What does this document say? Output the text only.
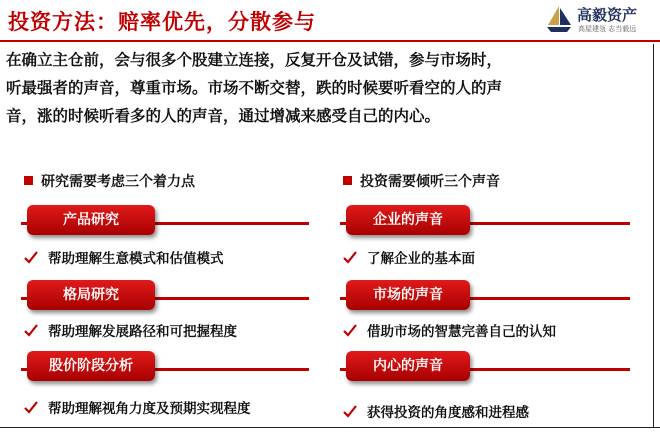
投资方法：赔率优先，分散参与	高毅资产
高屋建瓴 志当毅远
在确立主仓前，会与很多个股建立连接，反复开仓及试错，参与市场时，
听最强者的声音，尊重市场。市场不断交替，跌的时候要听看空的人的声
音，涨的时候听看多的人的声音，通过增减来感受自己的内心。
研究需要考虑三个着力点
产品研究
帮助理解生意模式和估值模式
格局研究
帮助理解发展路径和可把握程度
股价阶段分析
帮助理解视角力度及预期实现程度
投资需要倾听三个声音
企业的声音
了解企业的基本面
市场的声音
借助市场的智慧完善自己的认知
内心的声音
获得投资的角度感和进程感
